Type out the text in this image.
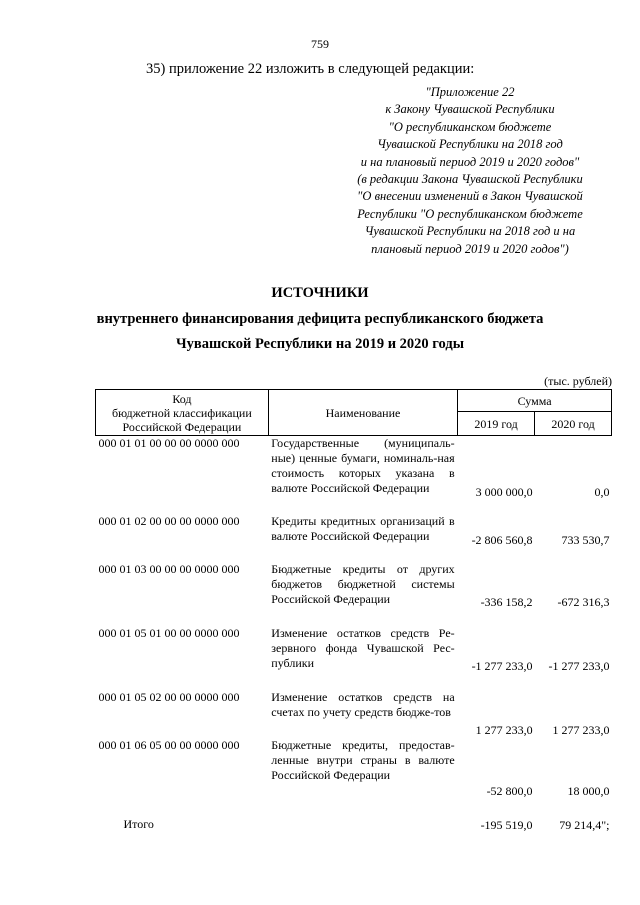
759
35) приложение 22 изложить в следующей редакции:
"Приложение 22
к Закону Чувашской Республики
"О республиканском бюджете
Чувашской Республики на 2018 год
и на плановый период 2019 и 2020 годов"
(в редакции Закона Чувашской Республики
"О внесении изменений в Закон Чувашской
Республики "О республиканском бюджете
Чувашской Республики на 2018 год и на
плановый период 2019 и 2020 годов")
ИСТОЧНИКИ
внутреннего финансирования дефицита республиканского бюджета
Чувашской Республики на 2019 и 2020 годы
(тыс. рублей)
Код
бюджетной классификации
Российской Федерации	Наименование	Сумма	
		2019 год	2020 год
000 01 01 00 00 00 0000 000	Государственные (муниципаль-ные) ценные бумаги, номиналь-ная стоимость которых указана в валюте Российской Федерации	3 000 000,0	0,0

000 01 02 00 00 00 0000 000	Кредиты кредитных организаций в валюте Российской Федерации	-2 806 560,8	733 530,7

000 01 03 00 00 00 0000 000	Бюджетные кредиты от других бюджетов бюджетной системы Российской Федерации	-336 158,2	-672 316,3

000 01 05 01 00 00 0000 000	Изменение остатков средств Ре-зервного фонда Чувашской Рес-публики	-1 277 233,0	-1 277 233,0

000 01 05 02 00 00 0000 000	Изменение остатков средств на счетах по учету средств бюдже-тов	1 277 233,0	1 277 233,0
000 01 06 05 00 00 0000 000	Бюджетные кредиты, предостав-ленные внутри страны в валюте Российской Федерации	-52 800,0	18 000,0

Итого		-195 519,0	79 214,4";
